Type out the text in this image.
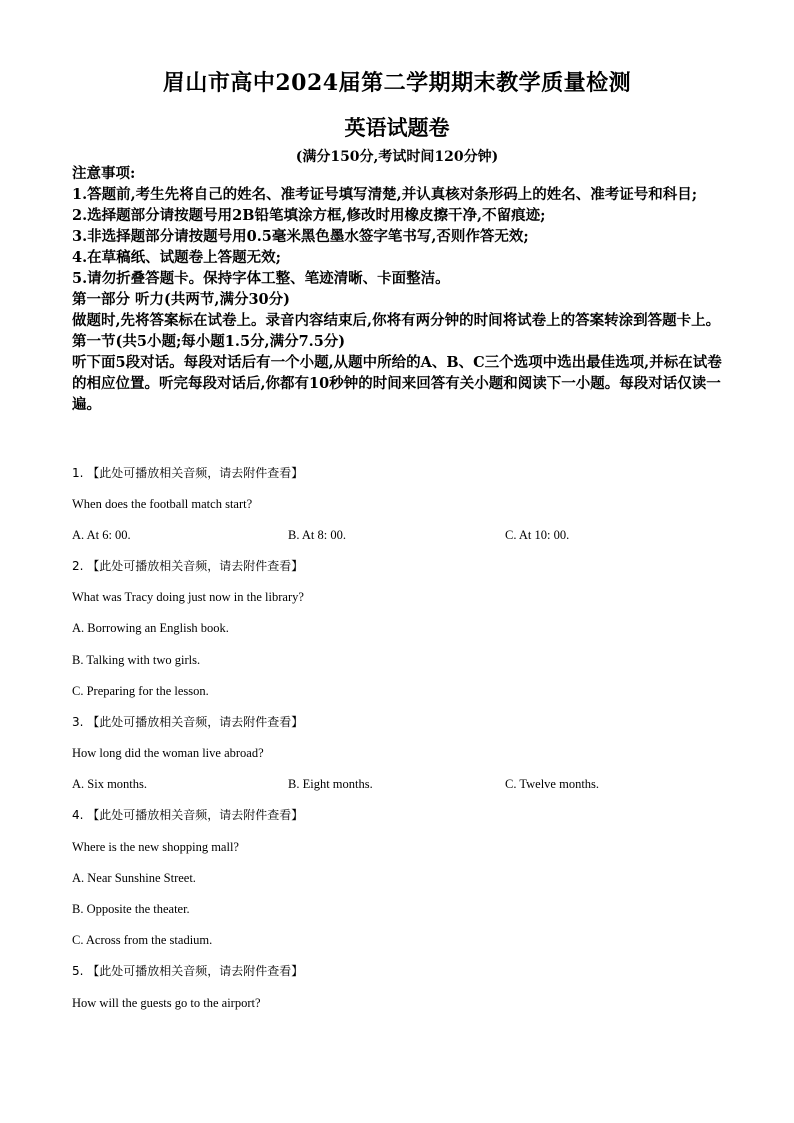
眉山市高中2024届第二学期期末教学质量检测
英语试题卷
(满分150分,考试时间120分钟)

注意事项:

1.答题前,考生先将自己的姓名、准考证号填写清楚,并认真核对条形码上的姓名、准考证号和科目;

2.选择题部分请按题号用2B铅笔填涂方框,修改时用橡皮擦干净,不留痕迹;

3.非选择题部分请按题号用0.5毫米黑色墨水签字笔书写,否则作答无效;

4.在草稿纸、试题卷上答题无效;

5.请勿折叠答题卡。保持字体工整、笔迹清晰、卡面整洁。

第一部分 听力(共两节,满分30分)

做题时,先将答案标在试卷上。录音内容结束后,你将有两分钟的时间将试卷上的答案转涂到答题卡上。

第一节(共5小题;每小题1.5分,满分7.5分)

听下面5段对话。每段对话后有一个小题,从题中所给的A、B、C三个选项中选出最佳选项,并标在试卷的相应位置。听完每段对话后,你都有10秒钟的时间来回答有关小题和阅读下一小题。每段对话仅读一遍。

1. 【此处可播放相关音频，请去附件查看】
When does the football match start?
A. At 6: 00.	B. At 8: 00.	C. At 10: 00.
2. 【此处可播放相关音频，请去附件查看】
What was Tracy doing just now in the library?
A. Borrowing an English book.
B. Talking with two girls.
C. Preparing for the lesson.
3. 【此处可播放相关音频，请去附件查看】
How long did the woman live abroad?
A. Six months.	B. Eight months.	C. Twelve months.
4. 【此处可播放相关音频，请去附件查看】
Where is the new shopping mall?
A. Near Sunshine Street.
B. Opposite the theater.
C. Across from the stadium.
5. 【此处可播放相关音频，请去附件查看】
How will the guests go to the airport?
